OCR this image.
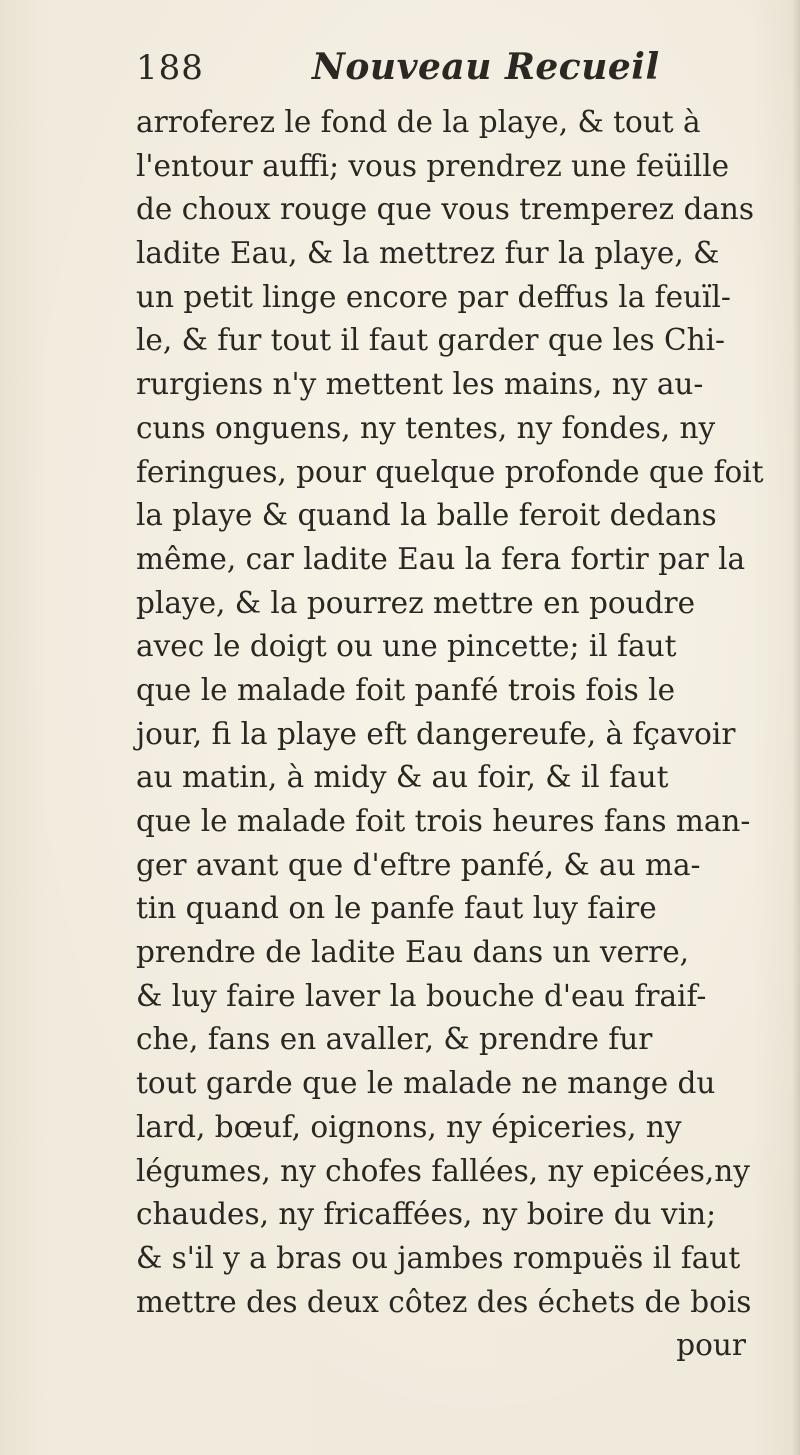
188	Nouveau Recueil
arroferez le fond de la playe, & tout à
l'entour auffi; vous prendrez une feüille
de choux rouge que vous tremperez dans
ladite Eau, & la mettrez fur la playe, &
un petit linge encore par deffus la feuïl-
le, & fur tout il faut garder que les Chi-
rurgiens n'y mettent les mains, ny au-
cuns onguens, ny tentes, ny fondes, ny
feringues, pour quelque profonde que foit
la playe & quand la balle feroit dedans
même, car ladite Eau la fera fortir par la
playe, & la pourrez mettre en poudre
avec le doigt ou une pincette; il faut
que le malade foit panfé trois fois le
jour, fi la playe eft dangereufe, à fçavoir
au matin, à midy & au foir, & il faut
que le malade foit trois heures fans man-
ger avant que d'eftre panfé, & au ma-
tin quand on le panfe faut luy faire
prendre de ladite Eau dans un verre,
& luy faire laver la bouche d'eau fraif-
che, fans en avaller, & prendre fur
tout garde que le malade ne mange du
lard, bœuf, oignons, ny épiceries, ny
légumes, ny chofes fallées, ny epicées,ny
chaudes, ny fricaffées, ny boire du vin;
& s'il y a bras ou jambes rompuës il faut
mettre des deux côtez des échets de bois
pour
